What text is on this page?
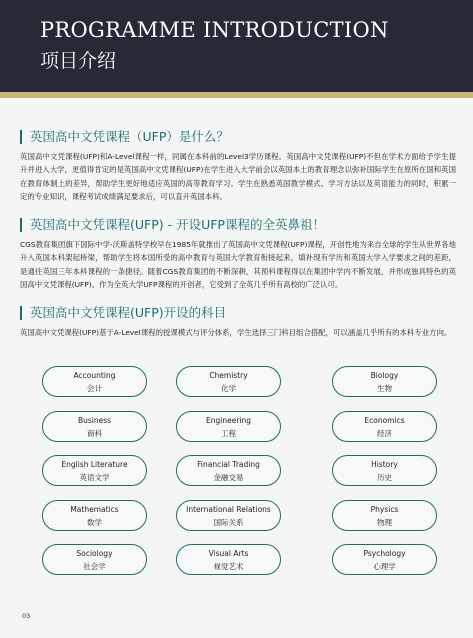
PROGRAMME INTRODUCTION
项目介绍
英国高中文凭课程（UFP）是什么？
英国高中文凭课程(UFP)和A-Level课程一样，同属在本科前的Level3学历课程。英国高中文凭课程(UFP)不但在学术方面给予学生提升并进入大学，更值得肯定的是英国高中文凭课程(UFP)在学生进入大学前会以英国本土的教育理念以弥补国际学生在原所在国和英国在教育体制上的差异，帮助学生更好地适应英国的高等教育学习。学生在熟悉英国教学模式、学习方法以及英语能力的同时，积累一定的专业知识，课程考试成绩满足要求后，可以直升英国本科。
英国高中文凭课程(UFP) - 开设UFP课程的全英鼻祖！
CGS教育集团旗下国际中学-沃斯盖特学校早在1985年就推出了英国高中文凭课程(UFP)课程，开创性地为来自全球的学生从世界各地升入英国本科架起桥梁，帮助学生将本国所受的高中教育与英国大学教育衔接起来，填补现有学历和英国大学入学要求之间的差距，是通往英国三年本科课程的一条捷径。随着CGS教育集团的不断深耕，其预科课程得以在集团中学内不断发展，并形成独具特色的英国高中文凭课程(UFP)。作为全英大学UFP课程的开创者，它受到了全英几乎所有高校的广泛认可。
英国高中文凭课程(UFP)开设的科目
英国高中文凭课程(UFP)基于A-Level课程的授课模式与评分体系，学生选择三门科目组合搭配，可以涵盖几乎所有的本科专业方向。
Accounting
会计
Chemistry
化学
Biology
生物
Business
商科
Engineering
工程
Economics
经济
English Literature
英语文学
Financial Trading
金融交易
History
历史
Mathematics
数学
International Relations
国际关系
Physics
物理
Sociology
社会学
Visual Arts
视觉艺术
Psychology
心理学
03
